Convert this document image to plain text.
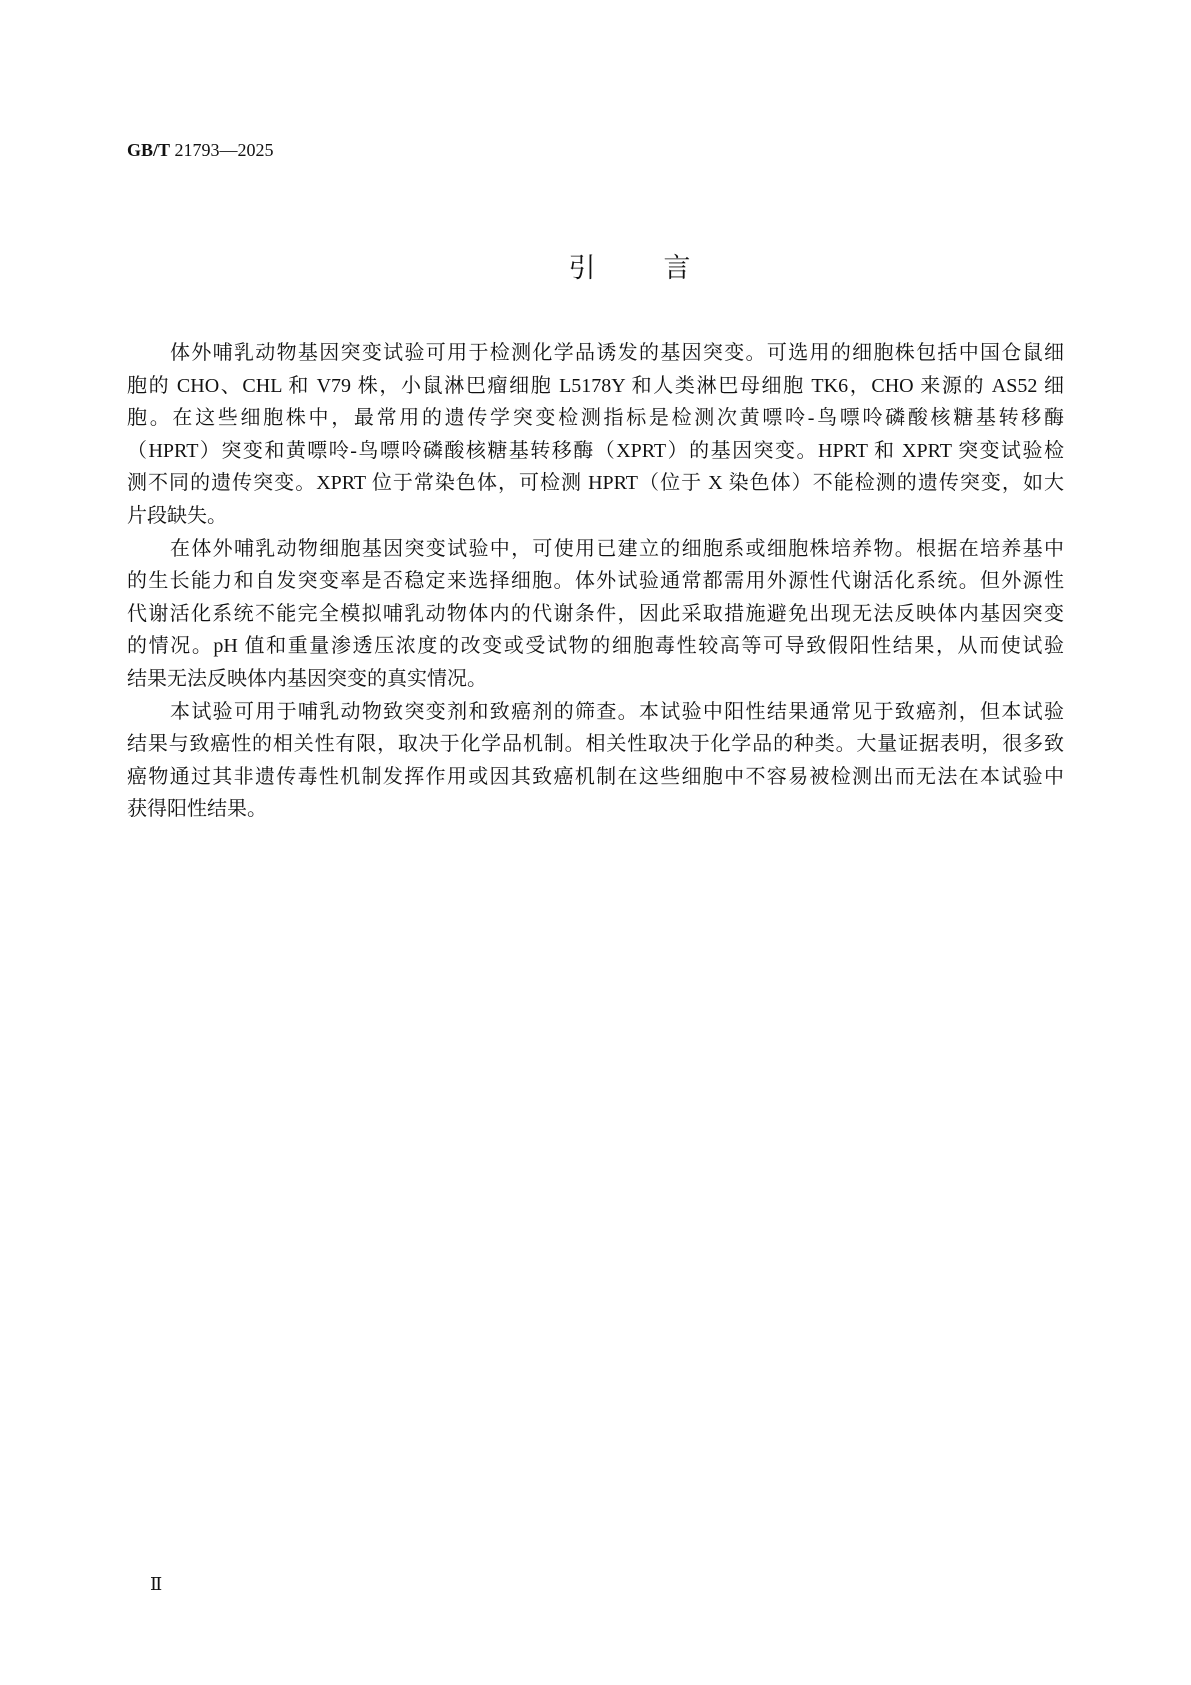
GB/T 21793—2025
引言
体外哺乳动物基因突变试验可用于检测化学品诱发的基因突变。可选用的细胞株包括中国仓鼠细
胞的 CHO、CHL 和 V79 株，小鼠淋巴瘤细胞 L5178Y 和人类淋巴母细胞 TK6，CHO 来源的 AS52 细
胞。在这些细胞株中，最常用的遗传学突变检测指标是检测次黄嘌呤-鸟嘌呤磷酸核糖基转移酶
（HPRT）突变和黄嘌呤-鸟嘌呤磷酸核糖基转移酶（XPRT）的基因突变。HPRT 和 XPRT 突变试验检
测不同的遗传突变。XPRT 位于常染色体，可检测 HPRT（位于 X 染色体）不能检测的遗传突变，如大
片段缺失。
在体外哺乳动物细胞基因突变试验中，可使用已建立的细胞系或细胞株培养物。根据在培养基中
的生长能力和自发突变率是否稳定来选择细胞。体外试验通常都需用外源性代谢活化系统。但外源性
代谢活化系统不能完全模拟哺乳动物体内的代谢条件，因此采取措施避免出现无法反映体内基因突变
的情况。pH 值和重量渗透压浓度的改变或受试物的细胞毒性较高等可导致假阳性结果，从而使试验
结果无法反映体内基因突变的真实情况。
本试验可用于哺乳动物致突变剂和致癌剂的筛查。本试验中阳性结果通常见于致癌剂，但本试验
结果与致癌性的相关性有限，取决于化学品机制。相关性取决于化学品的种类。大量证据表明，很多致
癌物通过其非遗传毒性机制发挥作用或因其致癌机制在这些细胞中不容易被检测出而无法在本试验中
获得阳性结果。
Ⅱ
